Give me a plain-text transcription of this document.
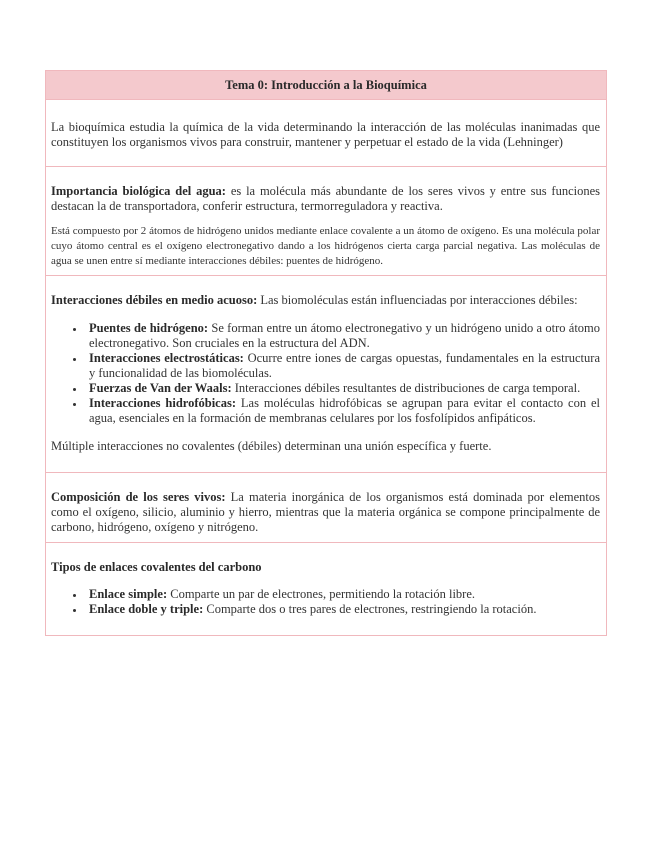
Tema 0: Introducción a la Bioquímica

La bioquímica estudia la química de la vida determinando la interacción de las moléculas inanimadas que constituyen los organismos vivos para construir, mantener y perpetuar el estado de la vida (Lehninger)

Importancia biológica del agua: es la molécula más abundante de los seres vivos y entre sus funciones destacan la de transportadora, conferir estructura, termorreguladora y reactiva.

Está compuesto por 2 átomos de hidrógeno unidos mediante enlace covalente a un átomo de oxígeno. Es una molécula polar cuyo átomo central es el oxígeno electronegativo dando a los hidrógenos cierta carga parcial negativa. Las moléculas de agua se unen entre sí mediante interacciones débiles: puentes de hidrógeno.

Interacciones débiles en medio acuoso: Las biomoléculas están influenciadas por interacciones débiles:

• Puentes de hidrógeno: Se forman entre un átomo electronegativo y un hidrógeno unido a otro átomo electronegativo. Son cruciales en la estructura del ADN.
• Interacciones electrostáticas: Ocurre entre iones de cargas opuestas, fundamentales en la estructura y funcionalidad de las biomoléculas.
• Fuerzas de Van der Waals: Interacciones débiles resultantes de distribuciones de carga temporal.
• Interacciones hidrofóbicas: Las moléculas hidrofóbicas se agrupan para evitar el contacto con el agua, esenciales en la formación de membranas celulares por los fosfolípidos anfipáticos.

Múltiple interacciones no covalentes (débiles) determinan una unión específica y fuerte.

Composición de los seres vivos: La materia inorgánica de los organismos está dominada por elementos como el oxígeno, silicio, aluminio y hierro, mientras que la materia orgánica se compone principalmente de carbono, hidrógeno, oxígeno y nitrógeno.

Tipos de enlaces covalentes del carbono

• Enlace simple: Comparte un par de electrones, permitiendo la rotación libre.
• Enlace doble y triple: Comparte dos o tres pares de electrones, restringiendo la rotación.
